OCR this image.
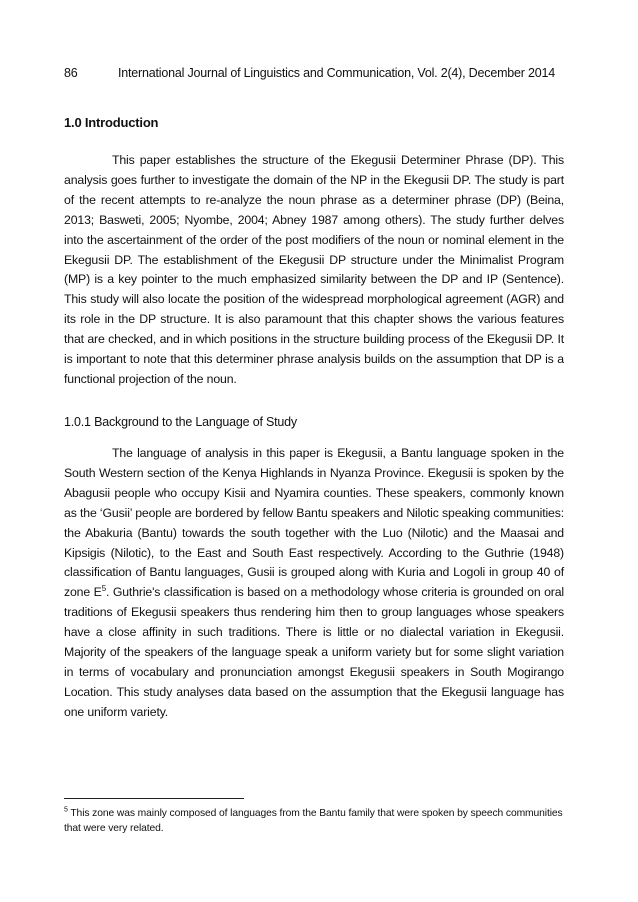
86	International Journal of Linguistics and Communication, Vol. 2(4), December 2014
1.0 Introduction

This paper establishes the structure of the Ekegusii Determiner Phrase (DP). This analysis goes further to investigate the domain of the NP in the Ekegusii DP. The study is part of the recent attempts to re-analyze the noun phrase as a determiner phrase (DP) (Beina, 2013; Basweti, 2005; Nyombe, 2004; Abney 1987 among others). The study further delves into the ascertainment of the order of the post modifiers of the noun or nominal element in the Ekegusii DP. The establishment of the Ekegusii DP structure under the Minimalist Program (MP) is a key pointer to the much emphasized similarity between the DP and IP (Sentence). This study will also locate the position of the widespread morphological agreement (AGR) and its role in the DP structure. It is also paramount that this chapter shows the various features that are checked, and in which positions in the structure building process of the Ekegusii DP. It is important to note that this determiner phrase analysis builds on the assumption that DP is a functional projection of the noun.

1.0.1 Background to the Language of Study

The language of analysis in this paper is Ekegusii, a Bantu language spoken in the South Western section of the Kenya Highlands in Nyanza Province. Ekegusii is spoken by the Abagusii people who occupy Kisii and Nyamira counties. These speakers, commonly known as the ‘Gusii’ people are bordered by fellow Bantu speakers and Nilotic speaking communities: the Abakuria (Bantu) towards the south together with the Luo (Nilotic) and the Maasai and Kipsigis (Nilotic), to the East and South East respectively. According to the Guthrie (1948) classification of Bantu languages, Gusii is grouped along with Kuria and Logoli in group 40 of zone $E^5$. Guthrie's classification is based on a methodology whose criteria is grounded on oral traditions of Ekegusii speakers thus rendering him then to group languages whose speakers have a close affinity in such traditions. There is little or no dialectal variation in Ekegusii. Majority of the speakers of the language speak a uniform variety but for some slight variation in terms of vocabulary and pronunciation amongst Ekegusii speakers in South Mogirango Location. This study analyses data based on the assumption that the Ekegusii language has one uniform variety.

$^5$ This zone was mainly composed of languages from the Bantu family that were spoken by speech communities that were very related.
